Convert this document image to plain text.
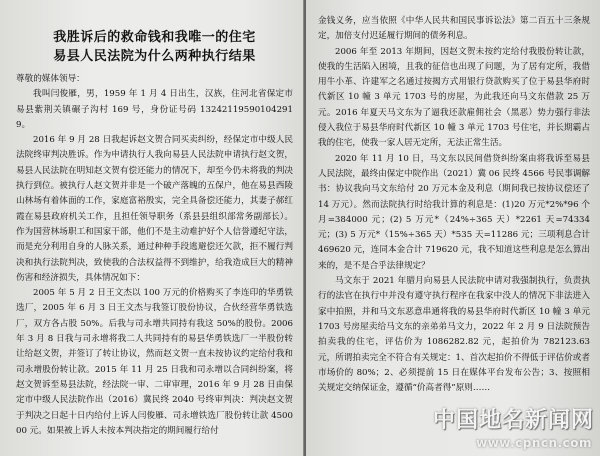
我胜诉后的救命钱和我唯一的住宅
易县人民法院为什么两种执行结果

尊敬的媒体领导：

我叫闫俊雁，男，1959 年 1 月 4 日出生，汉族，住河北省保定市易县紫荆关镇碾子沟村 169 号，身份证号码 132421195901042919。

2016 年 9 月 28 日我起诉赵文贺合同买卖纠纷，经保定市中级人民法院终审判决胜诉。作为申请执行人我向易县人民法院申请执行赵文贺，易县人民法院在明知赵文贺有偿还能力的情况下，却至今仍未将我的判决执行到位。被执行人赵文贺并非是一个破产落魄的五保户，他在易县西陵山林场有着体面的工作，家庭富裕殷实，完全具备偿还能力，其妻子郝红霞在易县政府机关工作，且担任领导职务（系县县组织部常务副部长）。作为国营林场职工和国家干部，他们不是主动难护好个人信誉遵纪守法，而是充分利用自身的人脉关系，通过种种手段逃避偿还欠款，拒不履行判决和执行法院判决，致使我的合法权益得不到维护，给我造成巨大的精神伤害和经济损失，具体情况如下：

2005 年 5 月 2 日王文杰以 100 万元的价格购买了李连印的华勇铁选厂，2005 年 6 月 3 日王文杰与我签订股份协议，合伙经营华勇铁选厂，双方各占股 50%。后我与司永增共同持有我这 50%的股份。2006 年 3 月 8 日我与司永增将我二人共同持有的易县华勇铁选厂一半股份转让给赵文贺，并签订了转让协议，然而赵文贺一直未按协议约定给付我和司永增股份转让款。2015 年 11 月 25 日我和司永增以合同纠纷案，将赵文贺诉至易县法院，经法院一审、二审审理，2016 年 9 月 28 日由保定市中级人民法院作出（2016）冀民终 2040 号终审判决：判决赵文贺于判决之日起十日内给付上诉人闫俊雁、司永增铁选厂股份转让款 450000 元。如果被上诉人未按本判决指定的期间履行给付

金钱义务，应当依照《中华人民共和国民事诉讼法》第二百五十三条规定，加倍支付迟延履行期间的债务利息。

2006 年至 2013 年期间，因赵文贺未按约定给付我股份转让款，使我的生活陷入困境，且我的征信也出现了问题，为了居有定所，我借用牛小革、许建军之名通过按揭方式用银行贷款购买了位于易县华府时代新区 10 幢 3 单元 1703 号的房屋，为此我还向马文东借款 25 万元。2016 年夏天马文东为了逼我还款雇佣社会（黑恶）势力强行非法侵入我位于易县华府时代新区 10 幢 3 单元 1703 号住宅，并长期霸占我的住宅，使我一家人居无定所，无法正常生活。

2020 年 11 月 10 日，马文东以民间借贷纠纷案由将我诉至易县人民法院，最终由保定中院作出（2021）冀 06 民终 4566 号民事调解书：协议我向马文东给付 20 万元本金及利息（期间我已按协议偿还了 14 万元）。然而法院执行时给我计算的利息是：(1)20 万元*2%*96 个月=384000 元；(2) 5 万元*（24%÷365 天）*2261 天=74334 元；(3) 5 万元*（15%÷365 天）*535 天=11286 元；三项利息合计 469620 元，连同本金合计 719620 元，我不知道这些利息是怎么算出来的，是不是合乎法律规定？

马文东于 2021 年腊月向易县人民法院申请对我强制执行，负责执行的法官在执行中并没有遵守执行程序在我家中没人的情况下非法进入家中拍照，并和马文东恶意串通将我的易县华府时代新区 10 幢 3 单元 1703 号房屋卖给马文东的亲弟弟马文力，2022 年 2 月 9 日法院预告拍卖我的住宅，评估价为 1086282.82 元，起拍价为 782123.63 元，所谓拍卖完全不符合有关规定：1、首次起拍价不得低于评估价或者市场价的 80%；2、必须提前 15 日在媒体平台发布公告；3、按照相关规定交纳保证金，遵循“价高者得”原则……

中国地名新闻网
www.cpncn.com
